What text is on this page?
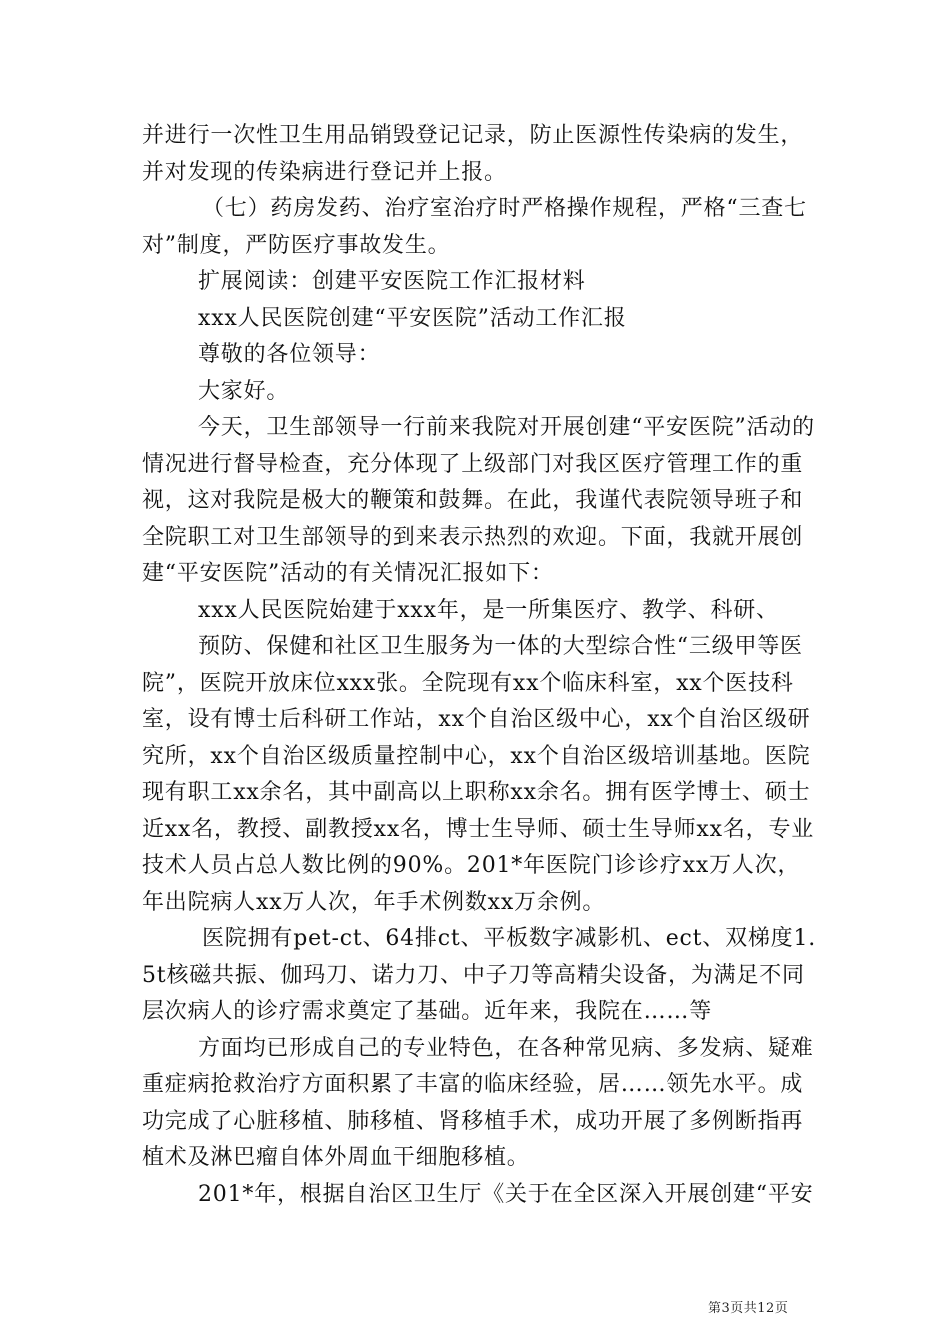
并进行一次性卫生用品销毁登记记录，防止医源性传染病的发生，并对发现的传染病进行登记并上报。

（七）药房发药、治疗室治疗时严格操作规程，严格“三查七对”制度，严防医疗事故发生。

扩展阅读：创建平安医院工作汇报材料

xxx人民医院创建“平安医院”活动工作汇报

尊敬的各位领导：

大家好。

今天，卫生部领导一行前来我院对开展创建“平安医院”活动的情况进行督导检查，充分体现了上级部门对我区医疗管理工作的重视，这对我院是极大的鞭策和鼓舞。在此，我谨代表院领导班子和全院职工对卫生部领导的到来表示热烈的欢迎。下面，我就开展创建“平安医院”活动的有关情况汇报如下：

xxx人民医院始建于xxx年，是一所集医疗、教学、科研、

预防、保健和社区卫生服务为一体的大型综合性“三级甲等医院”，医院开放床位xxx张。全院现有xx个临床科室，xx个医技科室，设有博士后科研工作站，xx个自治区级中心，xx个自治区级研究所，xx个自治区级质量控制中心，xx个自治区级培训基地。医院现有职工xx余名，其中副高以上职称xx余名。拥有医学博士、硕士近xx名，教授、副教授xx名，博士生导师、硕士生导师xx名，专业技术人员占总人数比例的90%。201*年医院门诊诊疗xx万人次，年出院病人xx万人次，年手术例数xx万余例。

医院拥有pet-ct、64排ct、平板数字减影机、ect、双梯度1.5t核磁共振、伽玛刀、诺力刀、中子刀等高精尖设备，为满足不同层次病人的诊疗需求奠定了基础。近年来，我院在……等

方面均已形成自己的专业特色，在各种常见病、多发病、疑难重症病抢救治疗方面积累了丰富的临床经验，居……领先水平。成功完成了心脏移植、肺移植、肾移植手术，成功开展了多例断指再植术及淋巴瘤自体外周血干细胞移植。

201*年，根据自治区卫生厅《关于在全区深入开展创建“平安

第3页共12页
